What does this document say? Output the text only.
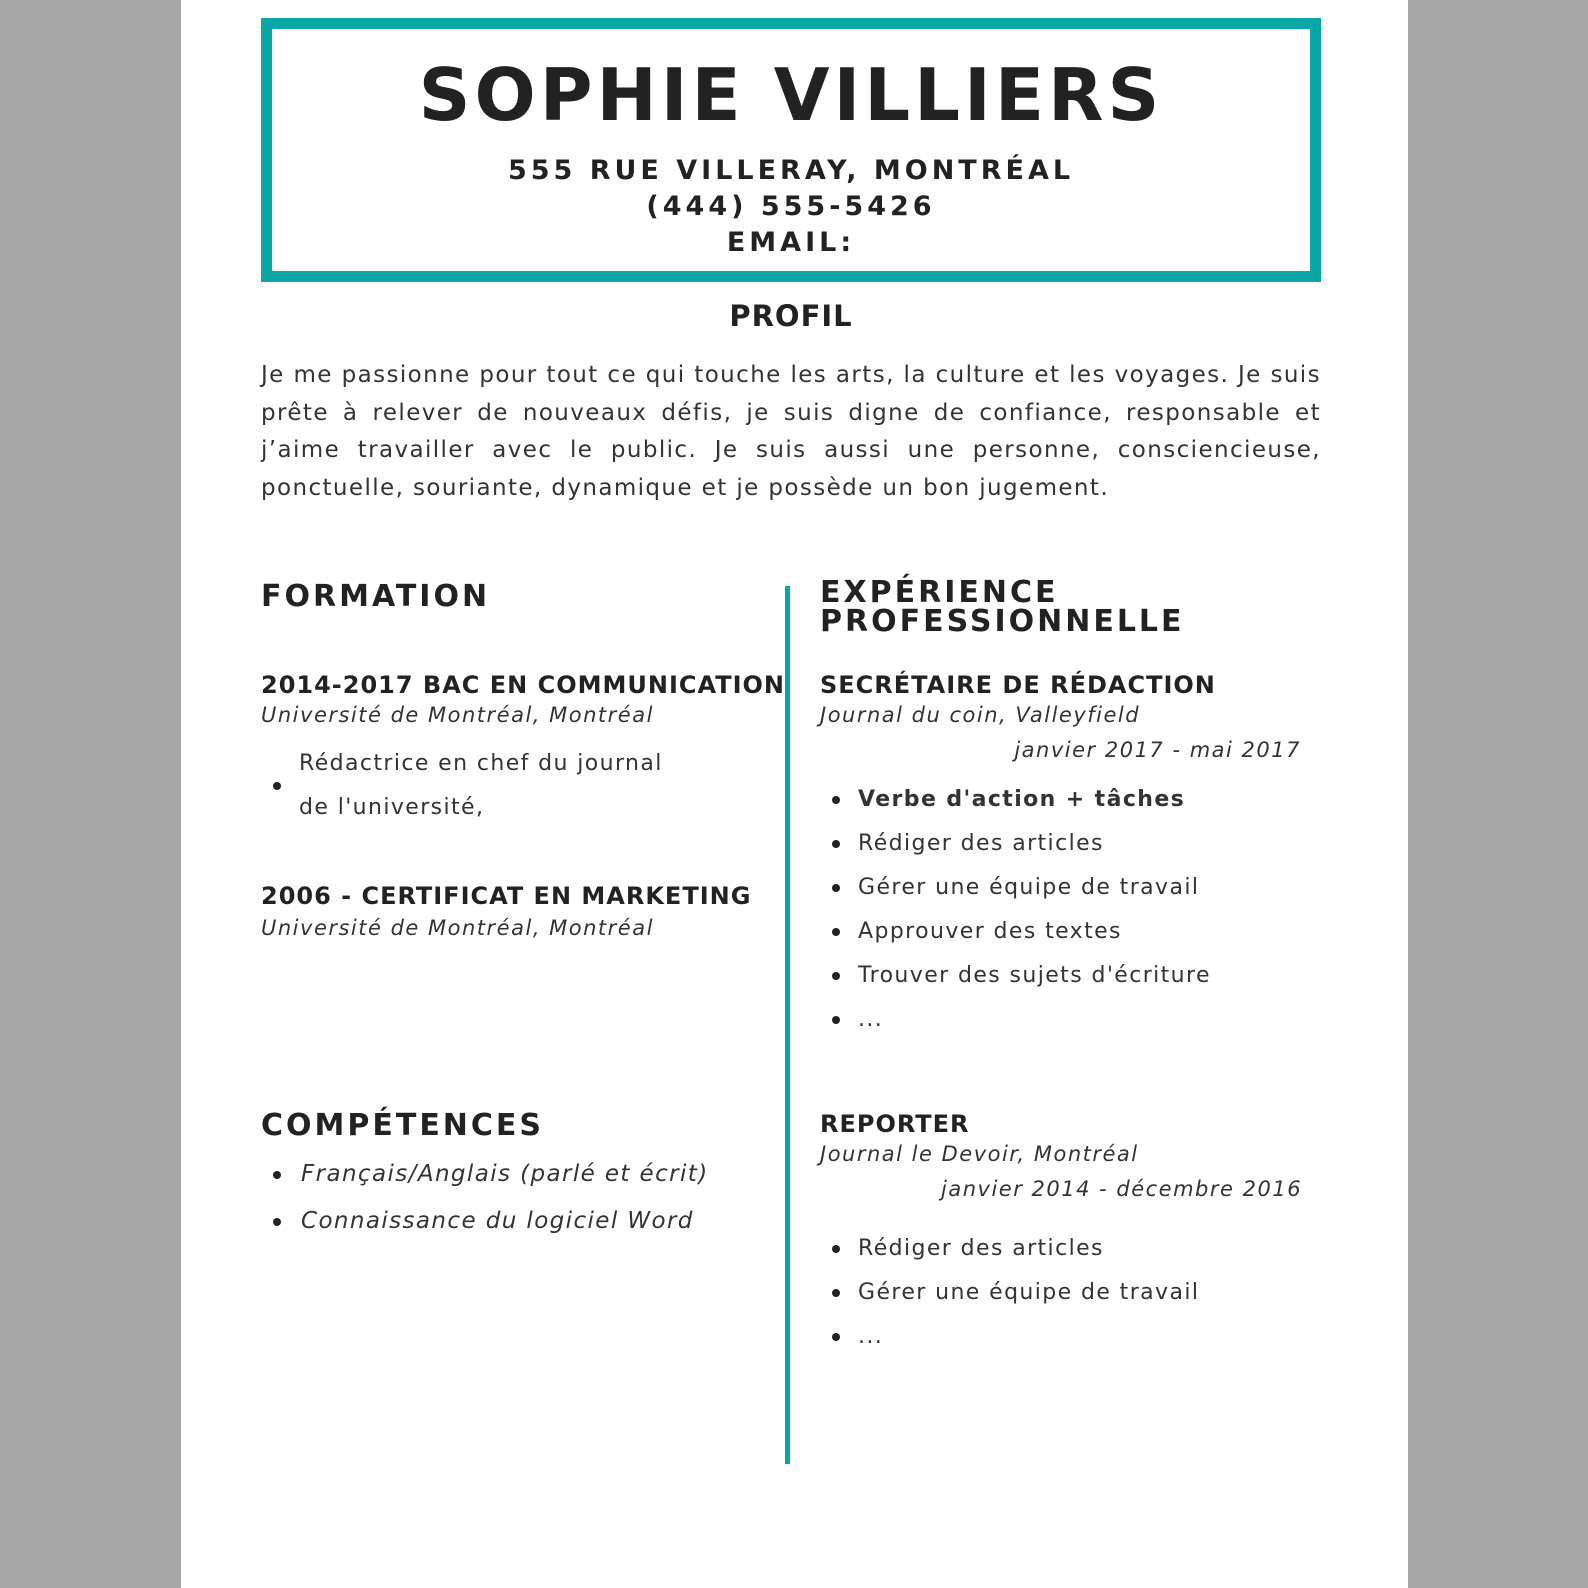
SOPHIE VILLIERS
555 RUE VILLERAY, MONTRÉAL
(444) 555-5426
EMAIL:
PROFIL
Je me passionne pour tout ce qui touche les arts, la culture et les voyages. Je suis prête à relever de nouveaux défis, je suis digne de confiance, responsable et j’aime travailler avec le public. Je suis aussi une personne, consciencieuse, ponctuelle, souriante, dynamique et je possède un bon jugement.
FORMATION
2014-2017 BAC EN COMMUNICATION
Université de Montréal, Montréal
Rédactrice en chef du journal de l'université,
2006 - CERTIFICAT EN MARKETING
Université de Montréal, Montréal
COMPÉTENCES
Français/Anglais (parlé et écrit)
Connaissance du logiciel Word
EXPÉRIENCE
PROFESSIONNELLE
SECRÉTAIRE DE RÉDACTION
Journal du coin, Valleyfield
janvier 2017 - mai 2017
Verbe d'action + tâches
Rédiger des articles
Gérer une équipe de travail
Approuver des textes
Trouver des sujets d'écriture
...
REPORTER
Journal le Devoir, Montréal
janvier 2014 - décembre 2016
Rédiger des articles
Gérer une équipe de travail
...
